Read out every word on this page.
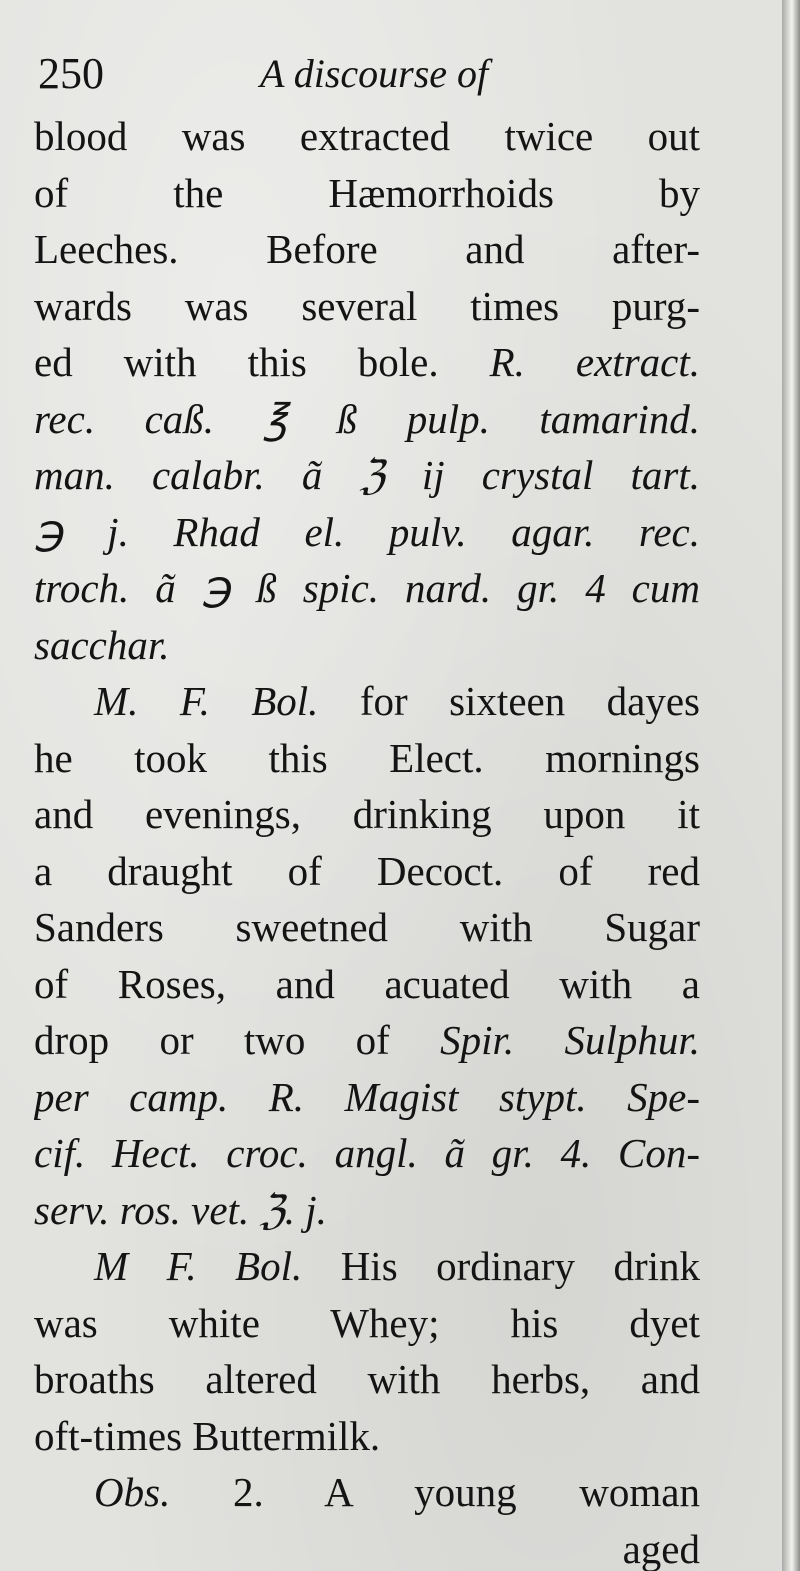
250	A discourse of
blood was extracted twice out
of the Hæmorrhoids by
Leeches. Before and after-
wards was several times purg-
ed with this bole. R. extract.
rec. caß. ℥ ß pulp. tamarind.
man. calabr. ã ℨ ij crystal tart.
℈ j. Rhad el. pulv. agar. rec.
troch. ã ℈ ß spic. nard. gr. 4 cum
sacchar.
M. F. Bol. for sixteen dayes
he took this Elect. mornings
and evenings, drinking upon it
a draught of Decoct. of red
Sanders sweetned with Sugar
of Roses, and acuated with a
drop or two of Spir. Sulphur.
per camp. R. Magist stypt. Spe-
cif. Hect. croc. angl. ã gr. 4. Con-
serv. ros. vet. ℨ. j.
M F. Bol. His ordinary drink
was white Whey; his dyet
broaths altered with herbs, and
oft-times Buttermilk.
Obs. 2. A young woman
aged
